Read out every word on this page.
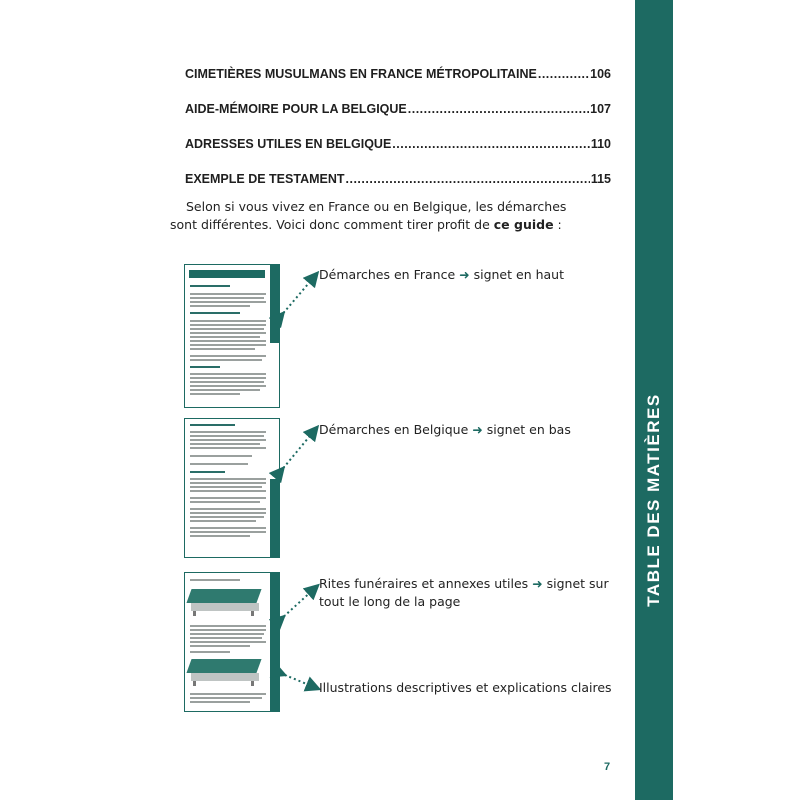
TABLE DES MATIÈRES
CIMETIÈRES MUSULMANS EN FRANCE MÉTROPOLITAINE .....	106
AIDE-MÉMOIRE POUR LA BELGIQUE .....	107
ADRESSES UTILES EN BELGIQUE .....	110
EXEMPLE DE TESTAMENT .....	115
Selon si vous vivez en France ou en Belgique, les démarches sont différentes. Voici donc comment tirer profit de ce guide :
Démarches en France ➜ signet en haut
Démarches en Belgique ➜ signet en bas
Rites funéraires et annexes utiles ➜ signet sur tout le long de la page
Illustrations descriptives et explications claires
7
